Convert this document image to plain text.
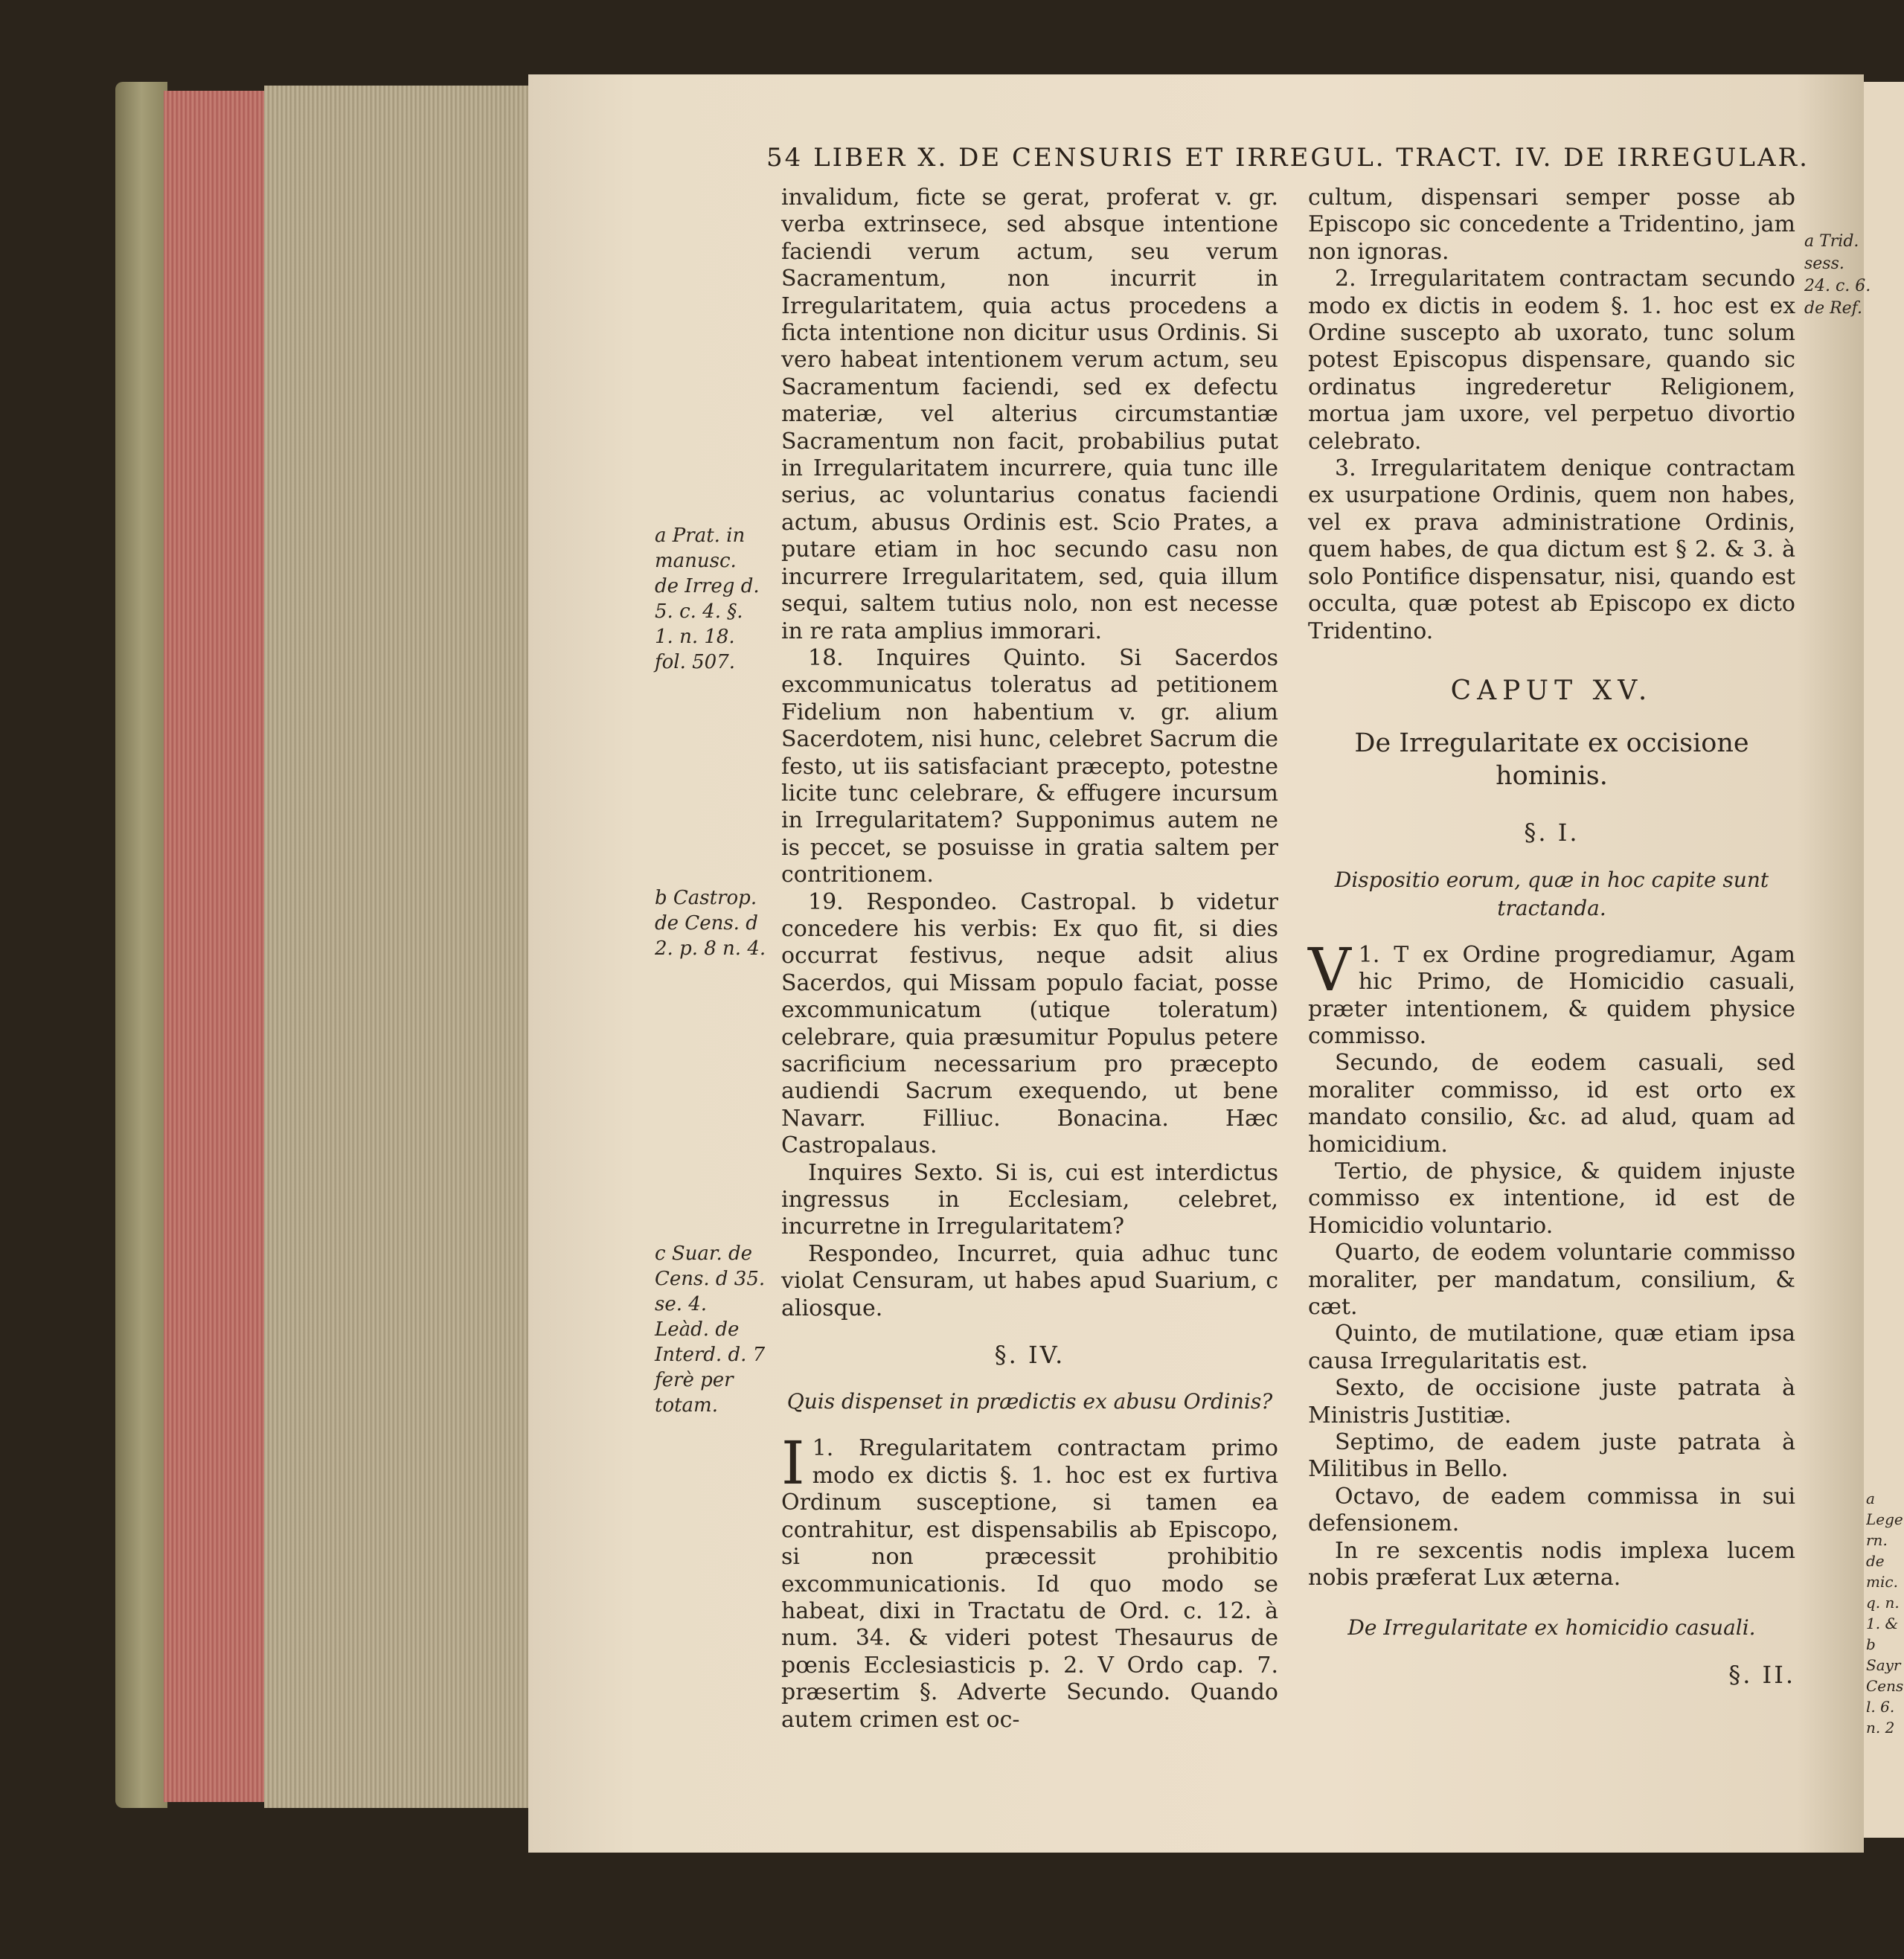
54 LIBER X. DE CENSURIS ET IRREGUL. TRACT. IV. DE IRREGULAR.
a Prat. in manusc. de Irreg d. 5. c. 4. §. 1. n. 18. fol. 507.
b Castrop. de Cens. d 2. p. 8 n. 4.
c Suar. de Cens. d 35. se. 4. Leàd. de Interd. d. 7 ferè per totam.
a Trid. sess. 24. c. 6. de Ref.
a Lege rn. de mic. q. n. 1. & b Sayr Cens l. 6. n. 2

invalidum, ficte se gerat, proferat v. gr. verba extrinsece, sed absque intentione faciendi verum actum, seu verum Sacramentum, non incurrit in Irregularitatem, quia actus procedens a ficta intentione non dicitur usus Ordinis. Si vero habeat intentionem verum actum, seu Sacramentum faciendi, sed ex defectu materiæ, vel alterius circumstantiæ Sacramentum non facit, probabilius putat in Irregularitatem incurrere, quia tunc ille serius, ac voluntarius conatus faciendi actum, abusus Ordinis est. Scio Prates, a putare etiam in hoc secundo casu non incurrere Irregularitatem, sed, quia illum sequi, saltem tutius nolo, non est necesse in re rata amplius immorari.

18. Inquires Quinto. Si Sacerdos excommunicatus toleratus ad petitionem Fidelium non habentium v. gr. alium Sacerdotem, nisi hunc, celebret Sacrum die festo, ut iis satisfaciant præcepto, potestne licite tunc celebrare, & effugere incursum in Irregularitatem? Supponimus autem ne is peccet, se posuisse in gratia saltem per contritionem.

19. Respondeo. Castropal. b videtur concedere his verbis: Ex quo fit, si dies occurrat festivus, neque adsit alius Sacerdos, qui Missam populo faciat, posse excommunicatum (utique toleratum) celebrare, quia præsumitur Populus petere sacrificium necessarium pro præcepto audiendi Sacrum exequendo, ut bene Navarr. Filliuc. Bonacina. Hæc Castropalaus.

Inquires Sexto. Si is, cui est interdictus ingressus in Ecclesiam, celebret, incurretne in Irregularitatem?

Respondeo, Incurret, quia adhuc tunc violat Censuram, ut habes apud Suarium, c aliosque.

§. IV.
Quis dispenset in prædictis ex abusu Ordinis?

1.
I Rregularitatem contractam primo modo ex dictis §. 1. hoc est ex furtiva Ordinum susceptione, si tamen ea contrahitur, est dispensabilis ab Episcopo, si non præcessit prohibitio excommunicationis. Id quo modo se habeat, dixi in Tractatu de Ord. c. 12. à num. 34. & videri potest Thesaurus de pœnis Ecclesiasticis p. 2. V Ordo cap. 7. præsertim §. Adverte Secundo. Quando autem crimen est oc-

cultum, dispensari semper posse ab Episcopo sic concedente a Tridentino, jam non ignoras.

2. Irregularitatem contractam secundo modo ex dictis in eodem §. 1. hoc est ex Ordine suscepto ab uxorato, tunc solum potest Episcopus dispensare, quando sic ordinatus ingrederetur Religionem, mortua jam uxore, vel perpetuo divortio celebrato.

3. Irregularitatem denique contractam ex usurpatione Ordinis, quem non habes, vel ex prava administratione Ordinis, quem habes, de qua dictum est § 2. & 3. à solo Pontifice dispensatur, nisi, quando est occulta, quæ potest ab Episcopo ex dicto Tridentino.

CAPUT XV.
De Irregularitate ex occisione hominis.
§. I.
Dispositio eorum, quæ in hoc capite sunt tractanda.

1.
V T ex Ordine progrediamur, Agam hic Primo, de Homicidio casuali, præter intentionem, & quidem physice commisso.

Secundo, de eodem casuali, sed moraliter commisso, id est orto ex mandato consilio, &c. ad alud, quam ad homicidium.

Tertio, de physice, & quidem injuste commisso ex intentione, id est de Homicidio voluntario.

Quarto, de eodem voluntarie commisso moraliter, per mandatum, consilium, & cæt.

Quinto, de mutilatione, quæ etiam ipsa causa Irregularitatis est.

Sexto, de occisione juste patrata à Ministris Justitiæ.

Septimo, de eadem juste patrata à Militibus in Bello.

Octavo, de eadem commissa in sui defensionem.

In re sexcentis nodis implexa lucem nobis præferat Lux æterna.

De Irregularitate ex homicidio casuali.
§. II.
